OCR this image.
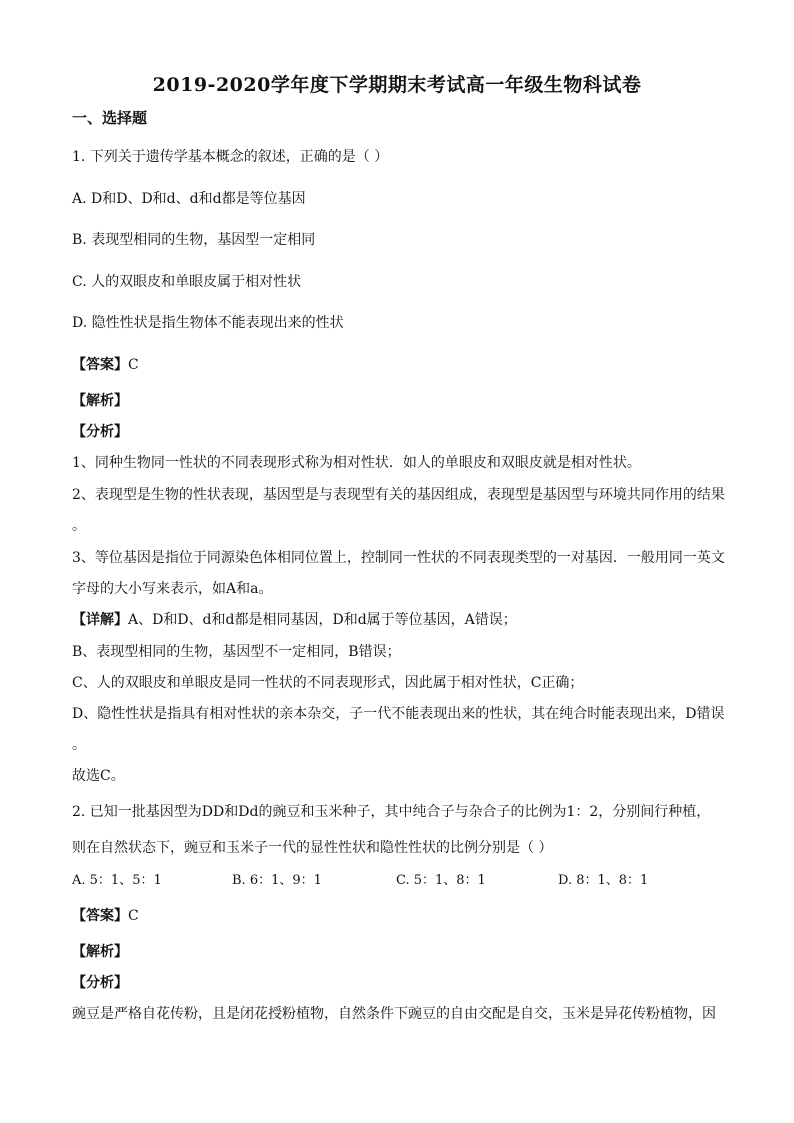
2019-2020学年度下学期期末考试高一年级生物科试卷
一、选择题
1. 下列关于遗传学基本概念的叙述，正确的是（ ）
A. D和D、D和d、d和d都是等位基因
B. 表现型相同的生物，基因型一定相同
C. 人的双眼皮和单眼皮属于相对性状
D. 隐性性状是指生物体不能表现出来的性状
【答案】C
【解析】
【分析】
1、同种生物同一性状的不同表现形式称为相对性状．如人的单眼皮和双眼皮就是相对性状。
2、表现型是生物的性状表现，基因型是与表现型有关的基因组成，表现型是基因型与环境共同作用的结果
。
3、等位基因是指位于同源染色体相同位置上，控制同一性状的不同表现类型的一对基因．一般用同一英文
字母的大小写来表示，如A和a。
【详解】A、D和D、d和d都是相同基因，D和d属于等位基因，A错误；
B、表现型相同的生物，基因型不一定相同，B错误；
C、人的双眼皮和单眼皮是同一性状的不同表现形式，因此属于相对性状，C正确；
D、隐性性状是指具有相对性状的亲本杂交，子一代不能表现出来的性状，其在纯合时能表现出来，D错误
。
故选C。
2. 已知一批基因型为DD和Dd的豌豆和玉米种子，其中纯合子与杂合子的比例为1：2，分别间行种植，
则在自然状态下，豌豆和玉米子一代的显性性状和隐性性状的比例分别是（ ）
A. 5：1、5：1	B. 6：1、9：1	C. 5：1、8：1	D. 8：1、8：1
【答案】C
【解析】
【分析】
豌豆是严格自花传粉，且是闭花授粉植物，自然条件下豌豆的自由交配是自交，玉米是异花传粉植物，因
